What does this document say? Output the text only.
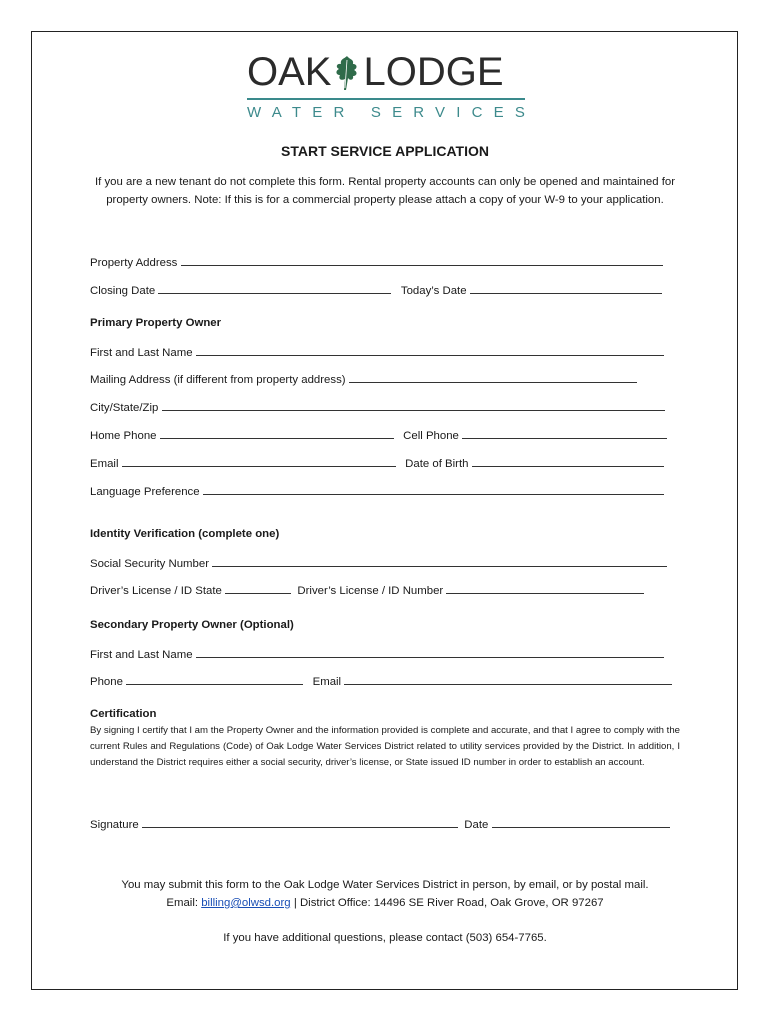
OAK LODGE
WATER SERVICES
START SERVICE APPLICATION
If you are a new tenant do not complete this form. Rental property accounts can only be opened and maintained for property owners. Note: If this is for a commercial property please attach a copy of your W-9 to your application.
Property Address
Closing Date	Today’s Date
Primary Property Owner
First and Last Name
Mailing Address (if different from property address)
City/State/Zip
Home Phone	Cell Phone
Email	Date of Birth
Language Preference
Identity Verification (complete one)
Social Security Number
Driver’s License / ID State	Driver’s License / ID Number
Secondary Property Owner (Optional)
First and Last Name
Phone	Email
Certification
By signing I certify that I am the Property Owner and the information provided is complete and accurate, and that I agree to comply with the current Rules and Regulations (Code) of Oak Lodge Water Services District related to utility services provided by the District. In addition, I understand the District requires either a social security, driver’s license, or State issued ID number in order to establish an account.
Signature	Date
You may submit this form to the Oak Lodge Water Services District in person, by email, or by postal mail.
Email: billing@olwsd.org | District Office: 14496 SE River Road, Oak Grove, OR 97267
If you have additional questions, please contact (503) 654-7765.
